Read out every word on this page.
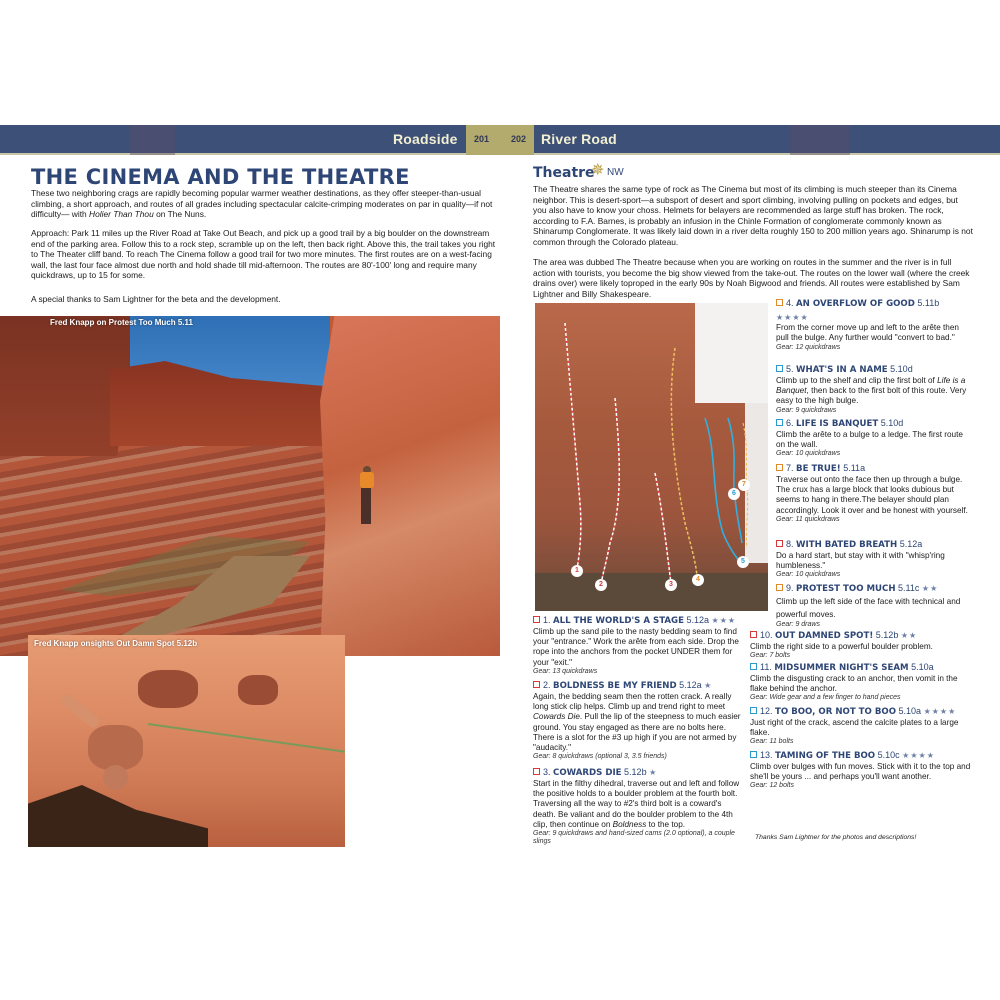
Roadside 201 202 River Road
THE CINEMA AND THE THEATRE
These two neighboring crags are rapidly becoming popular warmer weather destinations, as they offer steeper-than-usual climbing, a short approach, and routes of all grades including spectacular calcite-crimping moderates on par in quality—if not difficulty— with Holier Than Thou on The Nuns.
Approach: Park 11 miles up the River Road at Take Out Beach, and pick up a good trail by a big boulder on the downstream end of the parking area. Follow this to a rock step, scramble up on the left, then back right. Above this, the trail takes you right to The Theater cliff band. To reach The Cinema follow a good trail for two more minutes. The first routes are on a west-facing wall, the last four face almost due north and hold shade till mid-afternoon. The routes are 80'-100' long and require many quickdraws, up to 15 for some.
A special thanks to Sam Lightner for the beta and the development.
Fred Knapp on Protest Too Much 5.11
Fred Knapp onsights Out Damn Spot 5.12b
Theatre
✵ NW
The Theatre shares the same type of rock as The Cinema but most of its climbing is much steeper than its Cinema neighbor. This is desert-sport—a subsport of desert and sport climbing, involving pulling on pockets and edges, but you also have to know your choss. Helmets for belayers are recommended as large stuff has broken. The rock, according to F.A. Barnes, is probably an infusion in the Chinle Formation of conglomerate commonly known as Shinarump Conglomerate. It was likely laid down in a river delta roughly 150 to 200 million years ago. Shinarump is not common through the Colorado plateau.
The area was dubbed The Theatre because when you are working on routes in the summer and the river is in full action with tourists, you become the big show viewed from the take-out. The routes on the lower wall (where the creek drains over) were likely toproped in the early 90s by Noah Bigwood and friends. All routes were established by Sam Lightner and Billy Shakespeare.
1
2	3
4
5
6
7
1. ALL THE WORLD'S A STAGE 5.12a ★★★
Climb up the sand pile to the nasty bedding seam to find your "entrance." Work the arête from each side. Drop the rope into the anchors from the pocket UNDER them for your "exit."
Gear: 13 quickdraws
2. BOLDNESS BE MY FRIEND 5.12a ★
Again, the bedding seam then the rotten crack. A really long stick clip helps. Climb up and trend right to meet Cowards Die. Pull the lip of the steepness to much easier ground. You stay engaged as there are no bolts here. There is a slot for the #3 up high if you are not armed by "audacity."
Gear: 8 quickdraws (optional 3, 3.5 friends)
3. COWARDS DIE 5.12b ★
Start in the filthy dihedral, traverse out and left and follow the positive holds to a boulder problem at the fourth bolt. Traversing all the way to #2's third bolt is a coward's death. Be valiant and do the boulder problem to the 4th clip, then continue on Boldness to the top.
Gear: 9 quickdraws and hand-sized cams (2.0 optional), a couple slings
4. AN OVERFLOW OF GOOD 5.11b
★★★★
From the corner move up and left to the arête then pull the bulge. Any further would "convert to bad."
Gear: 12 quickdraws
5. WHAT'S IN A NAME 5.10d
Climb up to the shelf and clip the first bolt of Life is a Banquet, then back to the first bolt of this route. Very easy to the high bulge.
Gear: 9 quickdraws
6. LIFE IS BANQUET 5.10d
Climb the arête to a bulge to a ledge. The first route on the wall.
Gear: 10 quickdraws
7. BE TRUE! 5.11a
Traverse out onto the face then up through a bulge. The crux has a large block that looks dubious but seems to hang in there.The belayer should plan accordingly. Look it over and be honest with yourself.
Gear: 11 quickdraws
8. WITH BATED BREATH 5.12a
Do a hard start, but stay with it with "whisp'ring humbleness."
Gear: 10 quickdraws
9. PROTEST TOO MUCH 5.11c ★★
Climb up the left side of the face with technical and powerful moves.
Gear: 9 draws
10. OUT DAMNED SPOT! 5.12b ★★
Climb the right side to a powerful boulder problem.
Gear: 7 bolts
11. MIDSUMMER NIGHT'S SEAM 5.10a
Climb the disgusting crack to an anchor, then vomit in the flake behind the anchor.
Gear: Wide gear and a few finger to hand pieces
12. TO BOO, OR NOT TO BOO 5.10a ★★★★
Just right of the crack, ascend the calcite plates to a large flake.
Gear: 11 bolts
13. TAMING OF THE BOO 5.10c ★★★★
Climb over bulges with fun moves. Stick with it to the top and she'll be yours ... and perhaps you'll want another.
Gear: 12 bolts
Thanks Sam Lightner for the photos and descriptions!
